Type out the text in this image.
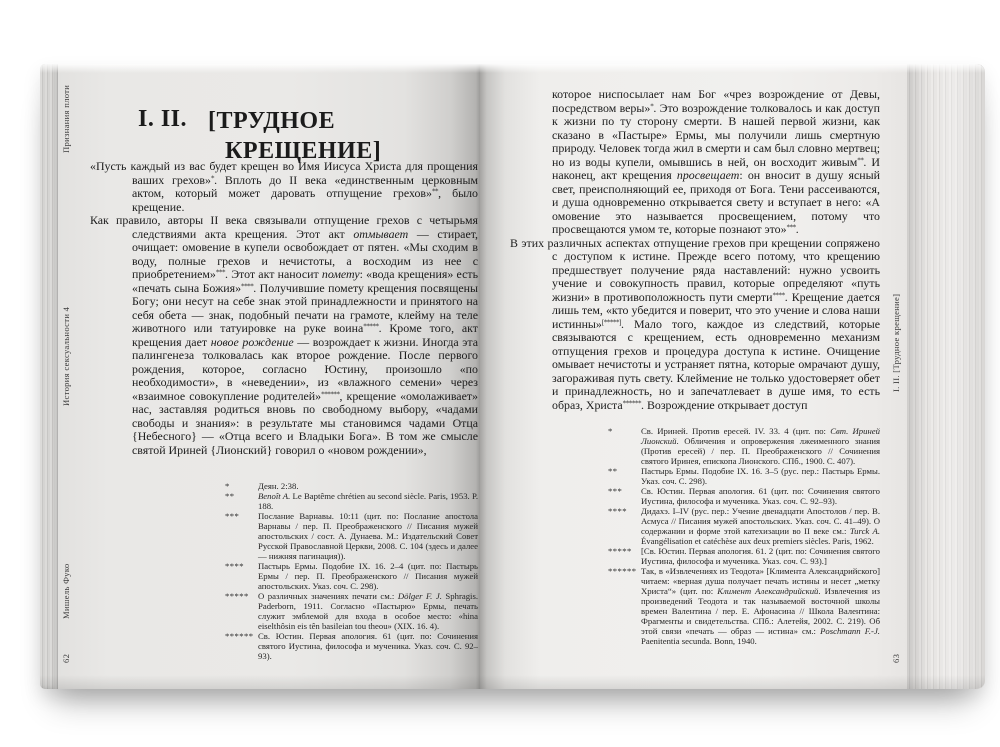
Признания плоти
История сексуальности 4
Мишель Фуко
62
I. II. [ТРУДНОЕ
КРЕЩЕНИЕ]

«Пусть каждый из вас будет крещен во Имя Иисуса Христа для прощения ваших грехов»*. Вплоть до II века «единственным церковным актом, который может даровать отпущение грехов»**, было крещение.

Как правило, авторы II века связывали отпущение грехов с четырьмя следствиями акта крещения. Этот акт отмывает — стирает, очищает: омовение в купели освобождает от пятен. «Мы сходим в воду, полные грехов и нечистоты, а восходим из нее с приобретением»***. Этот акт наносит помету: «вода крещения» есть «печать сына Божия»****. Получившие помету крещения посвящены Богу; они несут на себе знак этой принадлежности и принятого на себя обета — знак, подобный печати на грамоте, клейму на теле животного или татуировке на руке воина*****. Кроме того, акт крещения дает новое рождение — возрождает к жизни. Иногда эта палингенеза толковалась как второе рождение. После первого рождения, которое, согласно Юстину, произошло «по необходимости», в «неведении», из «влажного семени» через «взаимное совокупление родителей»******, крещение «омолаживает» нас, заставляя родиться вновь по свободному выбору, «чадами свободы и знания»: в результате мы становимся чадами Отца {Небесного} — «Отца всего и Владыки Бога». В том же смысле святой Ириней {Лионский} говорил о «новом рождении»,

*	Деян. 2:38.
**	Benoît A. Le Baptême chrétien au second siècle. Paris, 1953. P. 188.
***	Послание Варнавы. 10:11 (цит. по: Послание апостола Варнавы / пер. П. Преображенского // Писания мужей апостольских / сост. А. Дунаева. М.: Издательский Совет Русской Православной Церкви, 2008. С. 104 (здесь и далее — нижняя пагинация)).
****	Пастырь Ермы. Подобие IX. 16. 2–4 (цит. по: Пастырь Ермы / пер. П. Преображенского // Писания мужей апостольских. Указ. соч. С. 298).
*****	О различных значениях печати см.: Dölger F. J. Sphragis. Paderborn, 1911. Согласно «Пастырю» Ермы, печать служит эмблемой для входа в особое место: «hina eiselthôsin eis tên basileian tou theou» (XIX. 16. 4).
****** Св. Юстин. Первая апология. 61 (цит. по: Сочинения святого Иустина, философа и мученика. Указ. соч. С. 92–93).

которое ниспосылает нам Бог «чрез возрождение от Девы, посредством веры»*. Это возрождение толковалось и как доступ к жизни по ту сторону смерти. В нашей первой жизни, как сказано в «Пастыре» Ермы, мы получили лишь смертную природу. Человек тогда жил в смерти и сам был словно мертвец; но из воды купели, омывшись в ней, он восходит живым**. И наконец, акт крещения просвещает: он вносит в душу ясный свет, преисполняющий ее, приходя от Бога. Тени рассеиваются, и душа одновременно открывается свету и вступает в него: «А омовение это называется просвещением, потому что просвещаются умом те, которые познают это»***.

В этих различных аспектах отпущение грехов при крещении сопряжено с доступом к истине. Прежде всего потому, что крещению предшествует получение ряда наставлений: нужно усвоить учение и совокупность правил, которые определяют «путь жизни» в противоположность пути смерти****. Крещение дается лишь тем, «кто убедится и поверит, что это учение и слова наши истинны»[*****]. Мало того, каждое из следствий, которые связываются с крещением, есть одновременно механизм отпущения грехов и процедура доступа к истине. Очищение омывает нечистоты и устраняет пятна, которые омрачают душу, загораживая путь свету. Клеймение не только удостоверяет обет и принадлежность, но и запечатлевает в душе имя, то есть образ, Христа******. Возрождение открывает доступ

*	Св. Ириней. Против ересей. IV. 33. 4 (цит. по: Свт. Ириней Лионский. Обличения и опровержения лжеименного знания (Против ересей) / пер. П. Преображенского // Сочинения святого Иринея, епископа Лионского. СПб., 1900. С. 407).
**	Пастырь Ермы. Подобие IX. 16. 3–5 (рус. пер.: Пастырь Ермы. Указ. соч. С. 298).
***	Св. Юстин. Первая апология. 61 (цит. по: Сочинения святого Иустина, философа и мученика. Указ. соч. С. 92–93).
****	Дидахэ. I–IV (рус. пер.: Учение двенадцати Апостолов / пер. В. Асмуса // Писания мужей апостольских. Указ. соч. С. 41–49). О содержании и форме этой катехизации во II веке см.: Turck A. Évangélisation et catéchèse aux deux premiers siècles. Paris, 1962.
*****	[Св. Юстин. Первая апология. 61. 2 (цит. по: Сочинения святого Иустина, философа и мученика. Указ. соч. С. 93).]
****** Так, в «Извлечениях из Теодота» [Климента Александрийского] читаем: «верная душа получает печать истины и несет „метку Христа“» (цит. по: Климент Александрийский. Извлечения из произведений Теодота и так называемой восточной школы времен Валентина / пер. Е. Афонасина // Школа Валентина: Фрагменты и свидетельства. СПб.: Алетейя, 2002. С. 219). Об этой связи «печать — образ — истина» см.: Poschmann F.-J. Paenitentia secunda. Bonn, 1940.
I. II. [Трудное крещение]
63
